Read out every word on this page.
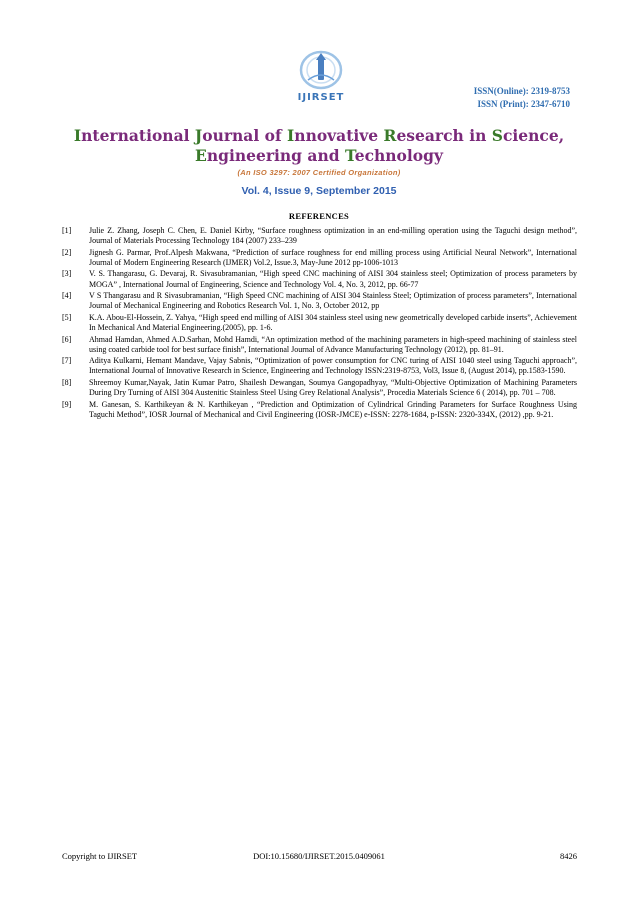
IJIRSET
ISSN(Online): 2319-8753
ISSN (Print): 2347-6710
International Journal of Innovative Research in Science,
Engineering and Technology
(An ISO 3297: 2007 Certified Organization)
Vol. 4, Issue 9, September 2015
REFERENCES
[1]	Julie Z. Zhang, Joseph C. Chen, E. Daniel Kirby, “Surface roughness optimization in an end-milling operation using the Taguchi design method”, Journal of Materials Processing Technology 184 (2007) 233–239
[2]	Jignesh G. Parmar, Prof.Alpesh Makwana, “Prediction of surface roughness for end milling process using Artificial Neural Network”, International Journal of Modern Engineering Research (IJMER) Vol.2, Issue.3, May-June 2012 pp-1006-1013
[3]	V. S. Thangarasu, G. Devaraj, R. Sivasubramanian, “High speed CNC machining of AISI 304 stainless steel; Optimization of process parameters by MOGA” , International Journal of Engineering, Science and Technology Vol. 4, No. 3, 2012, pp. 66-77
[4]	V S Thangarasu and R Sivasubramanian, “High Speed CNC machining of AISI 304 Stainless Steel; Optimization of process parameters”, International Journal of Mechanical Engineering and Robotics Research Vol. 1, No. 3, October 2012, pp
[5]	K.A. Abou-El-Hossein, Z. Yahya, “High speed end milling of AISI 304 stainless steel using new geometrically developed carbide inserts”, Achievement In Mechanical And Material Engineering.(2005), pp. 1-6.
[6]	Ahmad Hamdan, Ahmed A.D.Sarhan, Mohd Hamdi, “An optimization method of the machining parameters in high-speed machining of stainless steel using coated carbide tool for best surface finish”, International Journal of Advance Manufacturing Technology (2012), pp. 81–91.
[7]	Aditya Kulkarni, Hemant Mandave, Vajay Sabnis, “Optimization of power consumption for CNC turing of AISI 1040 steel using Taguchi approach”, International Journal of Innovative Research in Science, Engineering and Technology ISSN:2319-8753, Vol3, Issue 8, (August 2014), pp.1583-1590.
[8]	Shreemoy Kumar,Nayak, Jatin Kumar Patro, Shailesh Dewangan, Soumya Gangopadhyay, “Multi-Objective Optimization of Machining Parameters During Dry Turning of AISI 304 Austenitic Stainless Steel Using Grey Relational Analysis”, Procedia Materials Science 6 ( 2014), pp. 701 – 708.
[9]	M. Ganesan, S. Karthikeyan & N. Karthikeyan , “Prediction and Optimization of Cylindrical Grinding Parameters for Surface Roughness Using Taguchi Method”, IOSR Journal of Mechanical and Civil Engineering (IOSR-JMCE) e-ISSN: 2278-1684, p-ISSN: 2320-334X, (2012) ,pp. 9-21.
Copyright to IJIRSET	DOI:10.15680/IJIRSET.2015.0409061	8426
